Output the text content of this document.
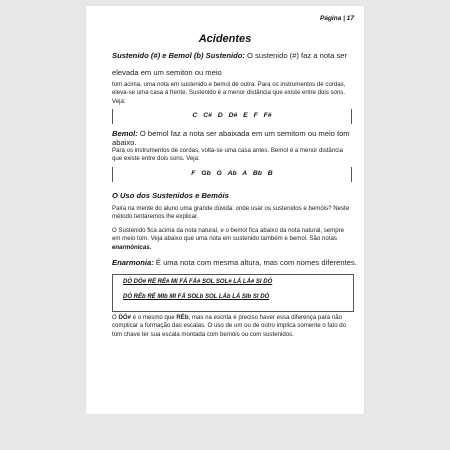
Página | 17
Acidentes
Sustenido (#) e Bemol (b) Sustenido: O sustenido (#) faz a nota ser
elevada em um semiton ou meio
tom acima, uma nota em sustenido e bemol de outra. Para os instrumentos de cordas, eleva-se uma casa à frente. Sustenido é a menor distância que existe entre dois sons. Veja:
C C# D D# E F F#
Bemol: O bemol faz a nota ser abaixada em um semitom ou meio tom
abaixo.
Para os instrumentos de cordas, volta-se uma casa antes. Bemol é a menor distância que existe entre dois sons. Veja:
F Gb G Ab A Bb B
O Uso dos Sustenidos e Bemóis
Paira na mente do aluno uma grande dúvida: onde usar os sustenidos e bemóis? Neste método tentaremos lhe explicar.
O Sustenido fica acima da nota natural, e o bemol fica abaixo da nota natural, sempre em meio tom. Veja abaixo que uma nota em sustenido também e bemol. São notas enarmônicas.
Enarmonia: É uma nota com mesma altura, mas com nomes diferentes.
DÓ DÓ# RÉ RÉ# MI FÁ FÁ# SOL SOL# LÁ LÁ# SI DÓ
DÓ RÉb RÉ MIb MI FÁ SOLb SOL LÁb LÁ SIb SI DÓ
O DÓ# é o mesmo que RÉb, mas na escrita é preciso haver essa diferença para não complicar a formação das escalas. O uso de um ou de outro implica somente o fato do tom chave ter sua escala montada com bemóis ou com sustenidos.
